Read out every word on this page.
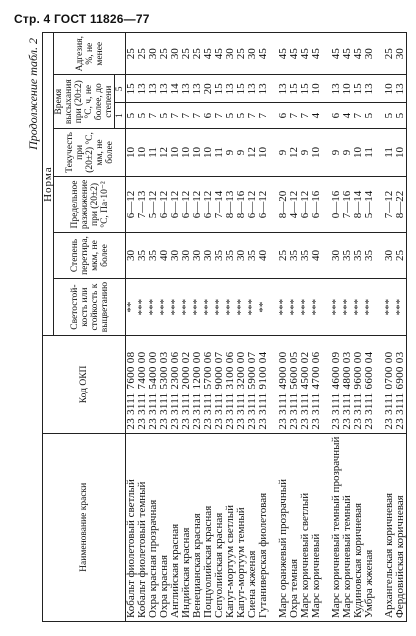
Стр. 4 ГОСТ 11826—77
Продолжение табл. 2
Наименование краски	Код ОКП	Норма						
		Светостой-кость или стойкость к выцветанию	Степень перетира, мкм, не более	Предельное разжижение при (20±2) °С, Па·10⁻²	Текучесть при (20±2) °С, мм, не более	Время высыхания при (20±2) °С, ч, не более, до степени		Адгезия, %, не менее
						1	5	
Кобальт фиолетовый светлый	23 3111 7600 08	**	30	6—12	10	5	15	25
Кобальт фиолетовый темный	23 3111 7400 00	***	35	7—13	10	5	13	25
Охра красная прозрачная	23 3111 5400 00	***	35	5—12	11	7	13	30
Охра красная	23 3111 5300 03	***	40	6—12	12	5	13	25
Английская красная	23 3111 2300 06	***	30	6—12	10	7	14	30
Индийская красная	23 3111 2000 02	***	30	6—12	10	7	13	25
Венецианская красная	23 3111 1200 00	***	30	6—12	10	7	13	25
Поццуолийская красная	23 3111 5700 06	***	30	6—12	10	6	20	45
Сепуолийская красная	23 3111 9000 07	***	35	7—14	11	7	15	45
Капут-мортуум светлый	23 3111 3100 06	***	35	8—13	9	5	13	30
Капут-мортуум темный	23 3111 3200 00	***	30	8—16	9	5	15	25
Сиена жженая	23 3111 5900 07	***	35	6—12	12	7	13	30
Гутаниверская фиолетовая	23 3111 9100 04	**	40	6—12	10	7	13	45

Марс оранжевый прозрачный	23 3111 4900 00	***	25	8—20	9	6	13	45
Охра темная	23 3111 5600 05	***	35	4—12	12	7	15	45
Марс коричневый светлый	23 3111 4500 02	***	35	6—12	9	7	15	45
Марс коричневый	23 3111 4700 06	***	40	6—16	10	4	10	45

Марс коричневый темный прозрачный	23 3111 4600 09	***	30	0—16	9	6	13	45
Марс коричневый темный	23 3111 4800 03	***	35	7—16	9	4	10	45
Кудиновская коричневая	23 3111 9600 00	***	35	8—14	10	7	15	45
Умбра жженая	23 3111 6600 04	***	35	5—14	11	5	13	30

Архангельская коричневая	23 3111 0700 00	***	30	7—12	11	5	10	25
Фердовийская коричневая	23 3111 6900 03	***	25	8—22	10	5	13	30
